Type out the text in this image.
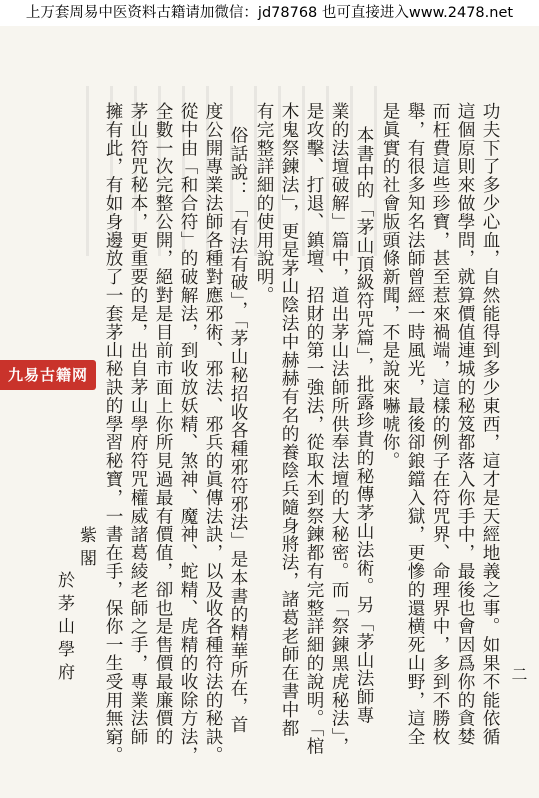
上万套周易中医资料古籍请加微信：jd78768 也可直接进入www.2478.net
二
功夫下了多少心血，自然能得到多少東西，這才是天經地義之事。如果不能依循
這個原則來做學問，就算價值連城的秘笈都落入你手中，最後也會因爲你的貪婪
而枉費這些珍寶，甚至惹來禍端，這樣的例子在符咒界、命理界中，多到不勝枚
舉，有很多知名法師曾經一時風光，最後卻鋃鐺入獄，更慘的還横死山野，這全
是眞實的社會版頭條新聞，不是說來嚇唬你。
本書中的「茅山頂級符咒篇」，批露珍貴的秘傳茅山法術。另「茅山法師專
業的法壇破解」篇中，道出茅山法師所供奉法壇的大秘密。而「祭鍊黑虎秘法」，
是攻擊、打退、鎮壇、招財的第一強法，從取木到祭鍊都有完整詳細的說明。「棺
木鬼祭鍊法」，更是茅山陰法中赫赫有名的養陰兵隨身將法，諸葛老師在書中都
有完整詳細的使用說明。
俗話說：「有法有破」，「茅山秘招收各種邪符邪法」是本書的精華所在，首
度公開專業法師各種對應邪術、邪法、邪兵的眞傳法訣，以及收各種符法的秘訣。
從中由「和合符」的破解法，到收放妖精、煞神、魔神、蛇精、虎精的收除方法，
全數一次完整公開，絕對是目前市面上你所見過最有價值，卻也是售價最廉價的
茅山符咒秘本，更重要的是，出自茅山學府符咒權威諸葛綾老師之手，專業法師
擁有此，有如身邊放了一套茅山秘訣的學習秘寶，一書在手，保你一生受用無窮。
紫閣
於茅山學府
九易古籍网
